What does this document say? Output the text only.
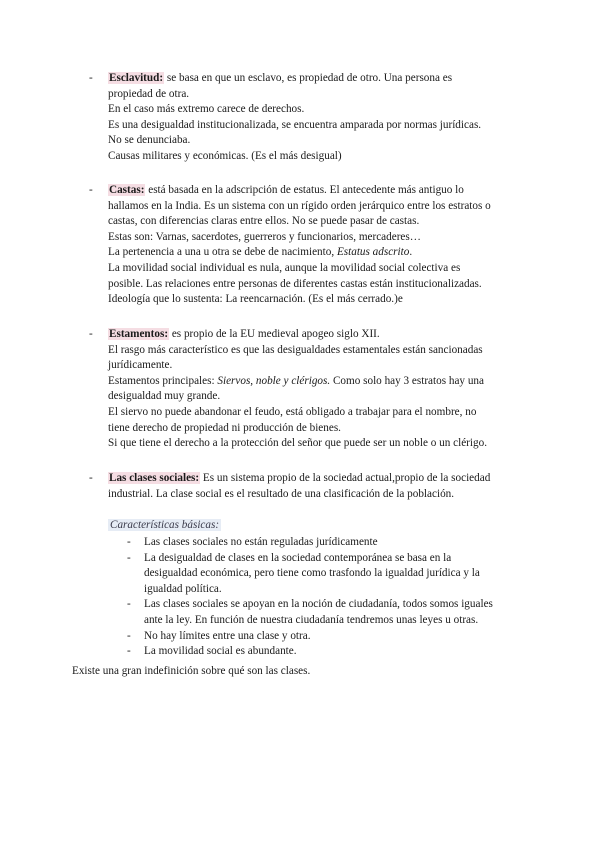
- Esclavitud: se basa en que un esclavo, es propiedad de otro. Una persona es
propiedad de otra.
En el caso más extremo carece de derechos.
Es una desigualdad institucionalizada, se encuentra amparada por normas jurídicas.
No se denunciaba.
Causas militares y económicas. (Es el más desigual)
- Castas: está basada en la adscripción de estatus. El antecedente más antiguo lo
hallamos en la India. Es un sistema con un rígido orden jerárquico entre los estratos o
castas, con diferencias claras entre ellos. No se puede pasar de castas.
Estas son: Varnas, sacerdotes, guerreros y funcionarios, mercaderes…
La pertenencia a una u otra se debe de nacimiento, Estatus adscrito.
La movilidad social individual es nula, aunque la movilidad social colectiva es
posible. Las relaciones entre personas de diferentes castas están institucionalizadas.
Ideología que lo sustenta: La reencarnación. (Es el más cerrado.)e
- Estamentos: es propio de la EU medieval apogeo siglo XII.
El rasgo más característico es que las desigualdades estamentales están sancionadas
jurídicamente.
Estamentos principales: Siervos, noble y clérigos. Como solo hay 3 estratos hay una
desigualdad muy grande.
El siervo no puede abandonar el feudo, está obligado a trabajar para el nombre, no
tiene derecho de propiedad ni producción de bienes.
Si que tiene el derecho a la protección del señor que puede ser un noble o un clérigo.
- Las clases sociales: Es un sistema propio de la sociedad actual,propio de la sociedad
industrial. La clase social es el resultado de una clasificación de la población.
Características básicas:
- Las clases sociales no están reguladas jurídicamente
- La desigualdad de clases en la sociedad contemporánea se basa en la
desigualdad económica, pero tiene como trasfondo la igualdad jurídica y la
igualdad política.
- Las clases sociales se apoyan en la noción de ciudadanía, todos somos iguales
ante la ley. En función de nuestra ciudadanía tendremos unas leyes u otras.
- No hay límites entre una clase y otra.
- La movilidad social es abundante.
Existe una gran indefinición sobre qué son las clases.
